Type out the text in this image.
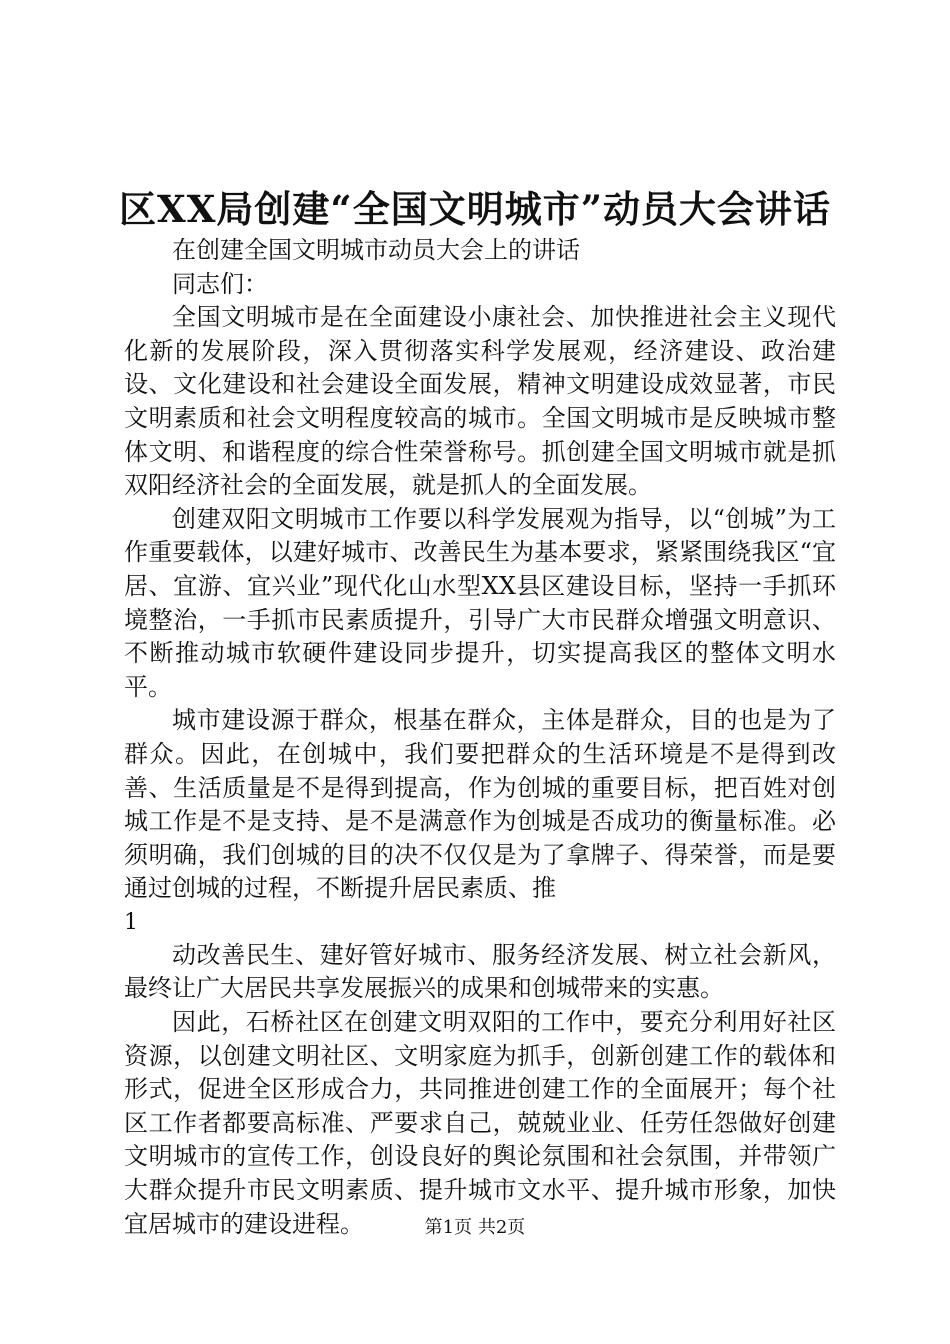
区XX局创建“全国文明城市”动员大会讲话

在创建全国文明城市动员大会上的讲话

同志们：

全国文明城市是在全面建设小康社会、加快推进社会主义现代化新的发展阶段，深入贯彻落实科学发展观，经济建设、政治建设、文化建设和社会建设全面发展，精神文明建设成效显著，市民文明素质和社会文明程度较高的城市。全国文明城市是反映城市整体文明、和谐程度的综合性荣誉称号。抓创建全国文明城市就是抓双阳经济社会的全面发展，就是抓人的全面发展。

创建双阳文明城市工作要以科学发展观为指导，以“创城”为工作重要载体，以建好城市、改善民生为基本要求，紧紧围绕我区“宜居、宜游、宜兴业”现代化山水型XX县区建设目标，坚持一手抓环境整治，一手抓市民素质提升，引导广大市民群众增强文明意识、不断推动城市软硬件建设同步提升，切实提高我区的整体文明水平。

城市建设源于群众，根基在群众，主体是群众，目的也是为了群众。因此，在创城中，我们要把群众的生活环境是不是得到改善、生活质量是不是得到提高，作为创城的重要目标，把百姓对创城工作是不是支持、是不是满意作为创城是否成功的衡量标准。必须明确，我们创城的目的决不仅仅是为了拿牌子、得荣誉，而是要通过创城的过程，不断提升居民素质、推

1

动改善民生、建好管好城市、服务经济发展、树立社会新风，最终让广大居民共享发展振兴的成果和创城带来的实惠。

因此，石桥社区在创建文明双阳的工作中，要充分利用好社区资源，以创建文明社区、文明家庭为抓手，创新创建工作的载体和形式，促进全区形成合力，共同推进创建工作的全面展开；每个社区工作者都要高标准、严要求自己，兢兢业业、任劳任怨做好创建文明城市的宣传工作，创设良好的舆论氛围和社会氛围，并带领广大群众提升市民文明素质、提升城市文水平、提升城市形象，加快宜居城市的建设进程。	第1页 共2页
